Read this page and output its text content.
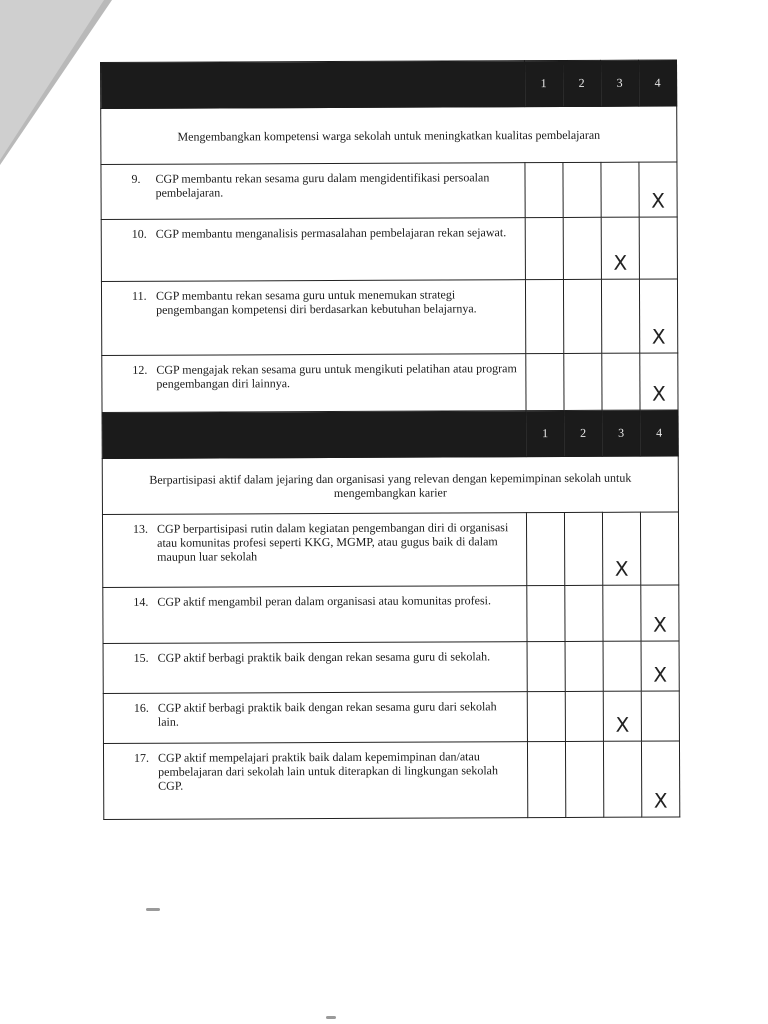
	1	2	3	4
Mengembangkan kompetensi warga sekolah untuk meningkatkan kualitas pembelajaran				

9. CGP membantu rekan sesama guru dalam mengidentifikasi persoalan pembelajaran.				X

10. CGP membantu menganalisis permasalahan pembelajaran rekan sejawat.			X	

11. CGP membantu rekan sesama guru untuk menemukan strategi pengembangan kompetensi diri berdasarkan kebutuhan belajarnya.				X

12. CGP mengajak rekan sesama guru untuk mengikuti pelatihan atau program pengembangan diri lainnya.				X

	1	2	3	4
Berpartisipasi aktif dalam jejaring dan organisasi yang relevan dengan kepemimpinan sekolah untuk mengembangkan karier				

13. CGP berpartisipasi rutin dalam kegiatan pengembangan diri di organisasi atau komunitas profesi seperti KKG, MGMP, atau gugus baik di dalam maupun luar sekolah			X	

14. CGP aktif mengambil peran dalam organisasi atau komunitas profesi.				X

15. CGP aktif berbagi praktik baik dengan rekan sesama guru di sekolah.				X

16. CGP aktif berbagi praktik baik dengan rekan sesama guru dari sekolah lain.			X	

17. CGP aktif mempelajari praktik baik dalam kepemimpinan dan/atau pembelajaran dari sekolah lain untuk diterapkan di lingkungan sekolah CGP.				X
